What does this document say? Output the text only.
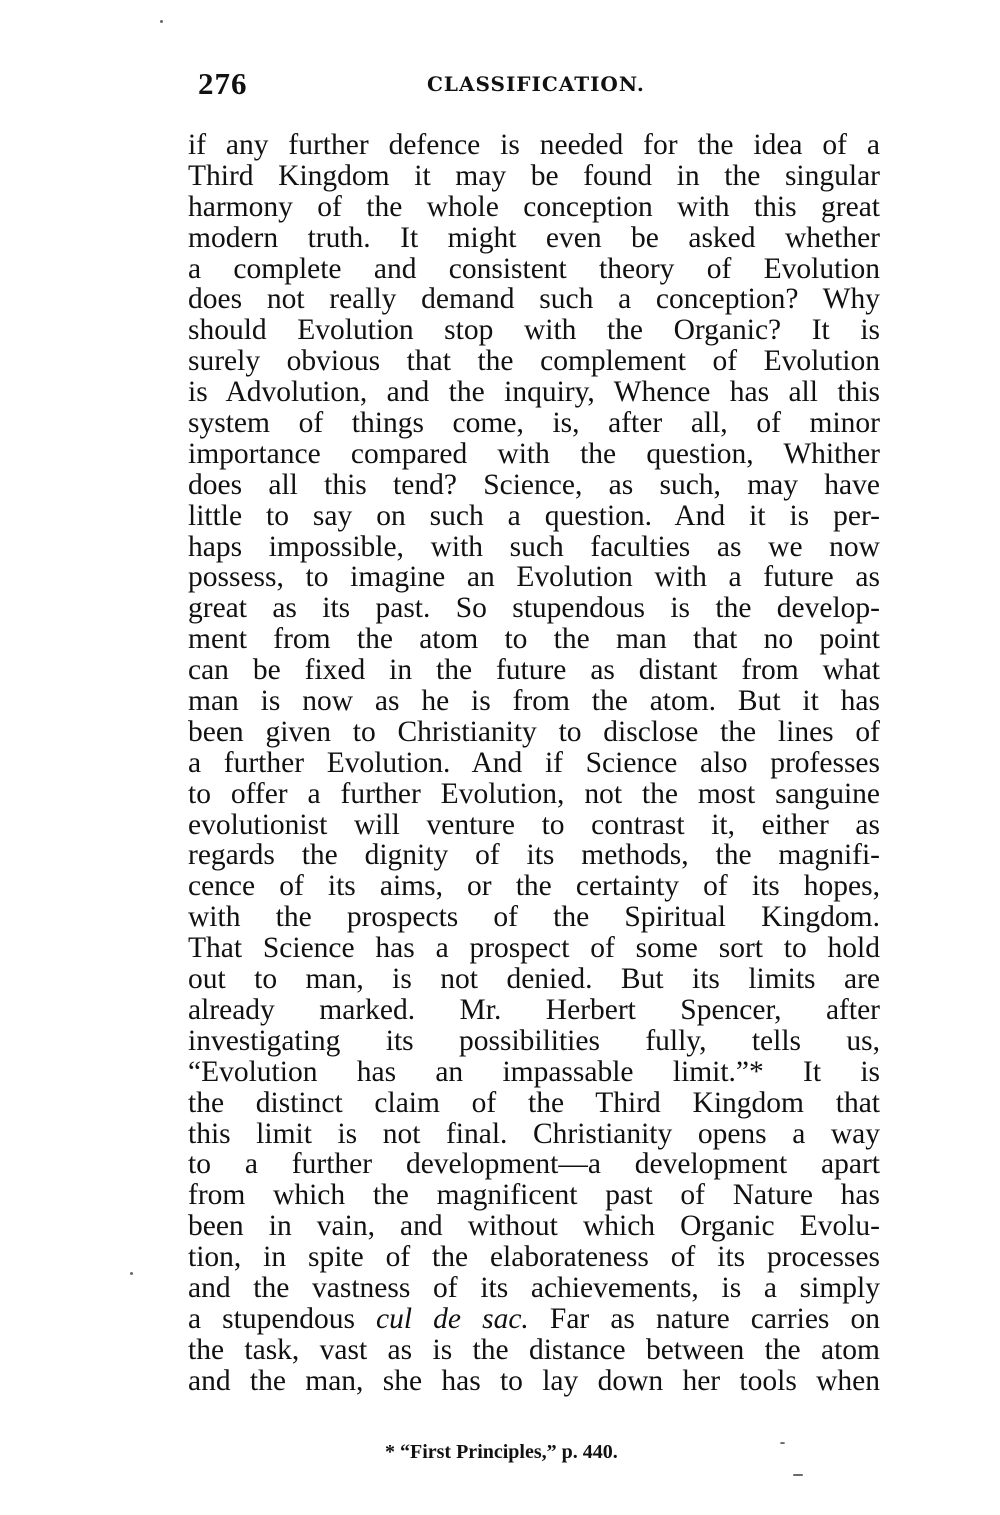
276	CLASSIFICATION.
if any further defence is needed for the idea of a
Third Kingdom it may be found in the singular
harmony of the whole conception with this great
modern truth. It might even be asked whether
a complete and consistent theory of Evolution
does not really demand such a conception? Why
should Evolution stop with the Organic? It is
surely obvious that the complement of Evolution
is Advolution, and the inquiry, Whence has all this
system of things come, is, after all, of minor
importance compared with the question, Whither
does all this tend? Science, as such, may have
little to say on such a question. And it is per-
haps impossible, with such faculties as we now
possess, to imagine an Evolution with a future as
great as its past. So stupendous is the develop-
ment from the atom to the man that no point
can be fixed in the future as distant from what
man is now as he is from the atom. But it has
been given to Christianity to disclose the lines of
a further Evolution. And if Science also professes
to offer a further Evolution, not the most sanguine
evolutionist will venture to contrast it, either as
regards the dignity of its methods, the magnifi-
cence of its aims, or the certainty of its hopes,
with the prospects of the Spiritual Kingdom.
That Science has a prospect of some sort to hold
out to man, is not denied. But its limits are
already marked. Mr. Herbert Spencer, after
investigating its possibilities fully, tells us,
“Evolution has an impassable limit.”* It is
the distinct claim of the Third Kingdom that
this limit is not final. Christianity opens a way
to a further development—a development apart
from which the magnificent past of Nature has
been in vain, and without which Organic Evolu-
tion, in spite of the elaborateness of its processes
and the vastness of its achievements, is a simply
a stupendous cul de sac. Far as nature carries on
the task, vast as is the distance between the atom
and the man, she has to lay down her tools when
* “First Principles,” p. 440.
